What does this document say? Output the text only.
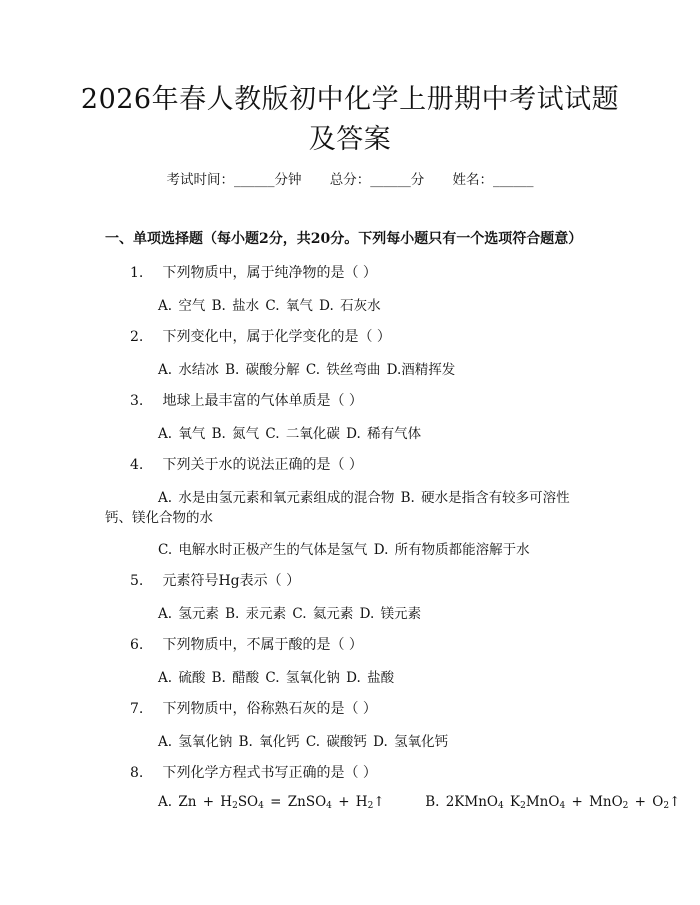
2026年春人教版初中化学上册期中考试试题
及答案
考试时间：______分钟 总分：______分 姓名：______
一、单项选择题（每小题2分，共20分。下列每小题只有一个选项符合题意）
1. 下列物质中，属于纯净物的是（ ）
A. 空气 B. 盐水 C. 氧气 D. 石灰水
2. 下列变化中，属于化学变化的是（ ）
A. 水结冰 B. 碳酸分解 C. 铁丝弯曲 D.酒精挥发
3. 地球上最丰富的气体单质是（ ）
A. 氧气 B. 氮气 C. 二氧化碳 D. 稀有气体
4. 下列关于水的说法正确的是（ ）
A. 水是由氢元素和氧元素组成的混合物 B. 硬水是指含有较多可溶性
钙、镁化合物的水
C. 电解水时正极产生的气体是氢气 D. 所有物质都能溶解于水
5. 元素符号Hg表示（ ）
A. 氢元素 B. 汞元素 C. 氦元素 D. 镁元素
6. 下列物质中，不属于酸的是（ ）
A. 硫酸 B. 醋酸 C. 氢氧化钠 D. 盐酸
7. 下列物质中，俗称熟石灰的是（ ）
A. 氢氧化钠 B. 氧化钙 C. 碳酸钙 D. 氢氧化钙
8. 下列化学方程式书写正确的是（ ）
A. $Zn + H_2SO_4$ = ZnSO$_4$ + $H_2↑$	B. 2KMnO$_4$ $K_2MnO_4 + MnO_2$ + $O_2↑$
